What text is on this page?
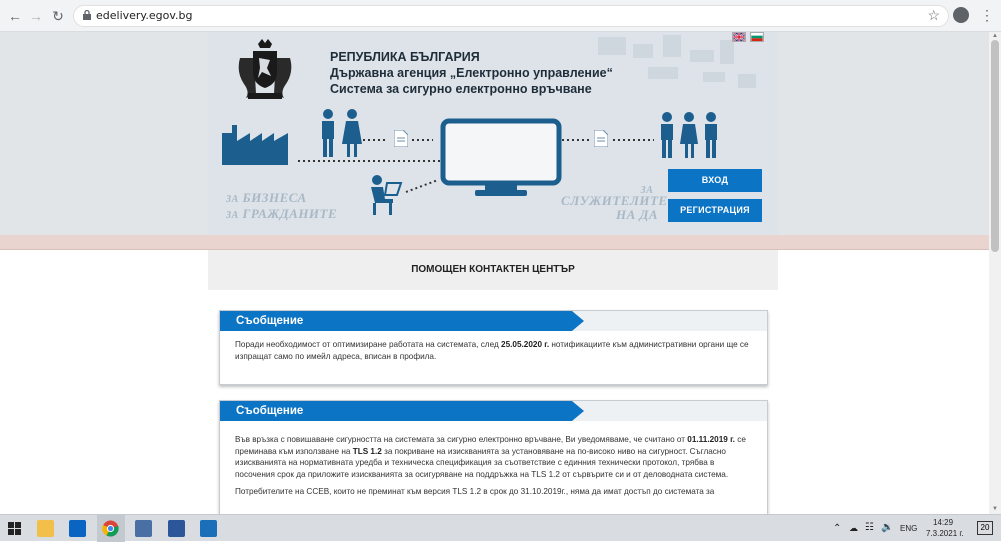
← → ↻	edelivery.egov.bg	☆	⋮
ЗА БИЗНЕСА
ЗА ГРАЖДАНИТЕ
ЗА
СЛУЖИТЕЛИТЕ
НА ДА
ВХОД
РЕГИСТРАЦИЯ
РЕПУБЛИКА БЪЛГАРИЯ
Държавна агенция „Електронно управление“
Система за сигурно електронно връчване
ПОМОЩЕН КОНТАКТЕН ЦЕНТЪР
Съобщение

Поради необходимост от оптимизиране работата на системата, след 25.05.2020 г. нотификациите към административни органи ще се изпращат само по имейл адреса, вписан в профила.

Съобщение

Във връзка с повишаване сигурността на системата за сигурно електронно връчване, Ви уведомяваме, че считано от 01.11.2019 г. се преминава към използване на TLS 1.2 за покриване на изискванията за установяване на по-високо ниво на сигурност. Съгласно изискванията на нормативната уредба и техническа спецификация за съответствие с единния технически протокол, трябва в посочения срок да приложите изискванията за осигуряване на поддръжка на TLS 1.2 от сървърите си и от деловодната система.

Потребителите на ССЕВ, които не преминат към версия TLS 1.2 в срок до 31.10.2019г., няма да имат достъп до системата за

▲
▼
⌃ ☁ ☷ 🔉 ENG
14:29
7.3.2021 г.
20
